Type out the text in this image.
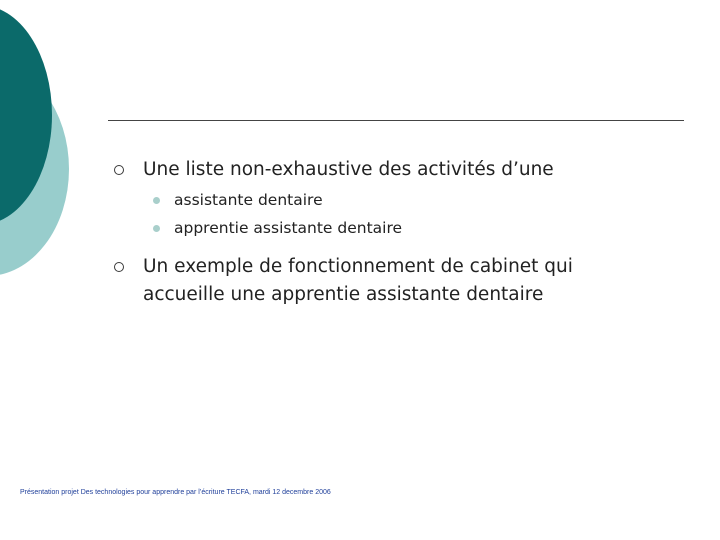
Une liste non-exhaustive des activités d’une
assistante dentaire
apprentie assistante dentaire
Un exemple de fonctionnement de cabinet qui
accueille une apprentie assistante dentaire
Présentation projet Des technologies pour apprendre par l’écriture TECFA, mardi 12 decembre 2006
